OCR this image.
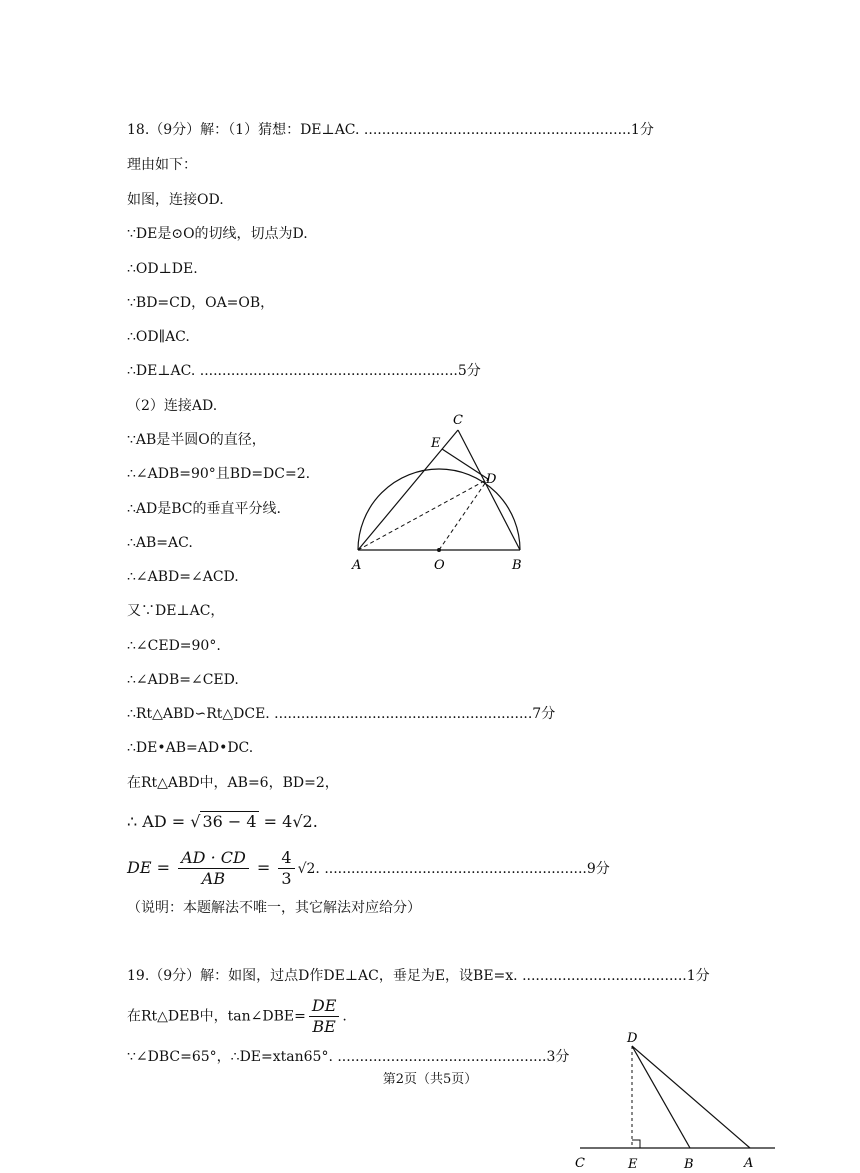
18.（9分）解：（1）猜想：DE⊥AC. ............................................................1分
理由如下：
如图，连接OD.
∵DE是⊙O的切线，切点为D.
∴OD⊥DE.
∵BD=CD，OA=OB，
∴OD∥AC.
∴DE⊥AC. ..........................................................5分
（2）连接AD.
∵AB是半圆O的直径，
∴∠ADB=90°且BD=DC=2.
∴AD是BC的垂直平分线.
∴AB=AC.
∴∠ABD=∠ACD.
又∵DE⊥AC，
∴∠CED=90°.
∴∠ADB=∠CED.
∴Rt△ABD∽Rt△DCE. ..........................................................7分
∴DE•AB=AD•DC.
在Rt△ABD中，AB=6，BD=2，
∴ AD = √ 36 − 4 = 4√2.
DE = $\frac{AD \cdot CD}{AB} = \frac{4}{3} √2$. ...........................................................9分
（说明：本题解法不唯一，其它解法对应给分）
C
E
D
A	O	B
19.（9分）解：如图，过点D作DE⊥AC，垂足为E，设BE=x. .....................................1分
在Rt△DEB中，tan∠DBE= $\frac{DE}{BE}$ .
∵∠DBC=65°，∴DE=xtan65°. ...............................................3分
D
C	E	B	A
第2页（共5页）
